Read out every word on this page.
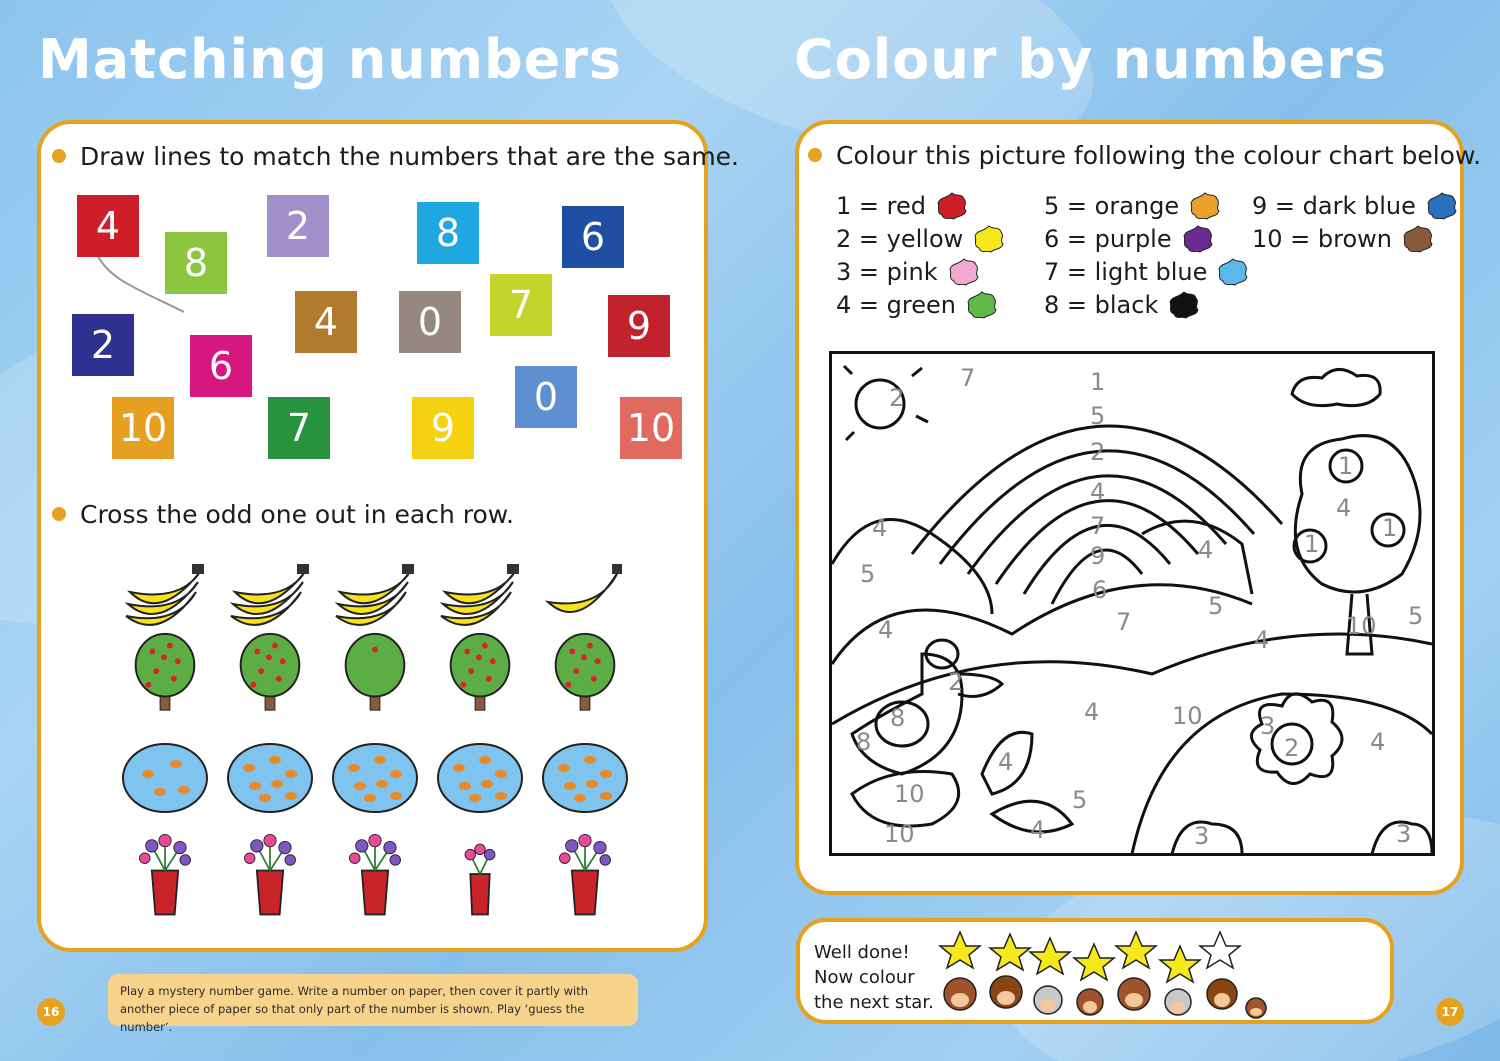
Matching numbers
Draw lines to match the numbers that are the same.
4
8
2	8	6
2	6
4	0	7	9
10	7	9
0
10
Cross the odd one out in each row.
Play a mystery number game. Write a number on paper, then cover it partly with another piece of paper so that only part of the number is shown. Play ‘guess the number’.
16
Colour by numbers
Colour this picture following the colour chart below.
1 = red
2 = yellow
3 = pink
4 = green
5 = orange
6 = purple
7 = light blue
8 = black
9 = dark blue
10 = brown
2
7	1
5
2
4
7
9
6
7
4
5
4
5
4	10
1
4
1
1
5
4
2
8
8
4	10 3
2	4
4
10	5
10	4	3	3
Well done!
Now colour
the next star.	17
